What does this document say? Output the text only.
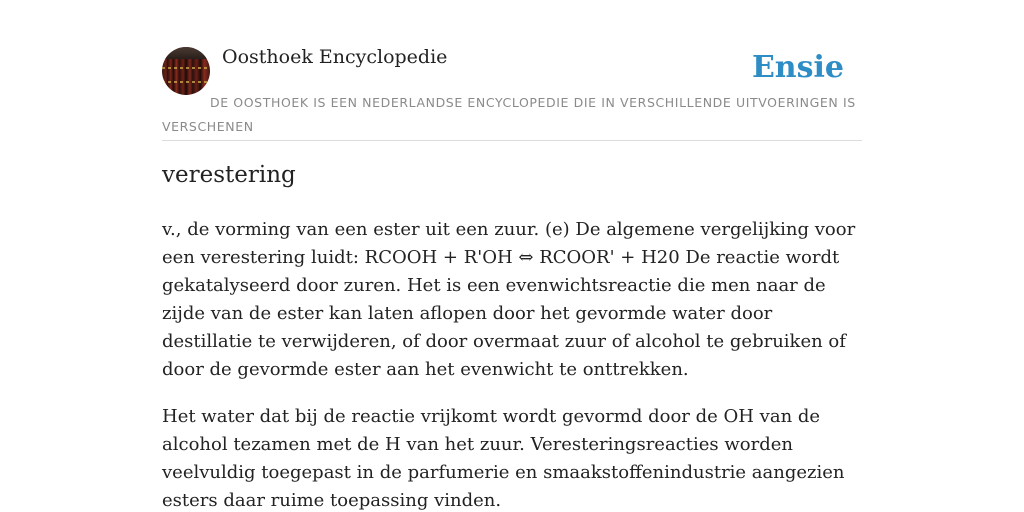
Oosthoek Encyclopedie	Ensie
DE OOSTHOEK IS EEN NEDERLANDSE ENCYCLOPEDIE DIE IN VERSCHILLENDE UITVOERINGEN IS VERSCHENEN
verestering

v., de vorming van een ester uit een zuur. (e) De algemene vergelijking voor een verestering luidt: RCOOH + R'OH ⇔ RCOOR' + H20 De reactie wordt gekatalyseerd door zuren. Het is een evenwichtsreactie die men naar de zijde van de ester kan laten aflopen door het gevormde water door destillatie te verwijderen, of door overmaat zuur of alcohol te gebruiken of door de gevormde ester aan het evenwicht te onttrekken.

Het water dat bij de reactie vrijkomt wordt gevormd door de OH van de alcohol tezamen met de H van het zuur. Veresteringsreacties worden veelvuldig toegepast in de parfumerie en smaakstoffenindustrie aangezien esters daar ruime toepassing vinden.
